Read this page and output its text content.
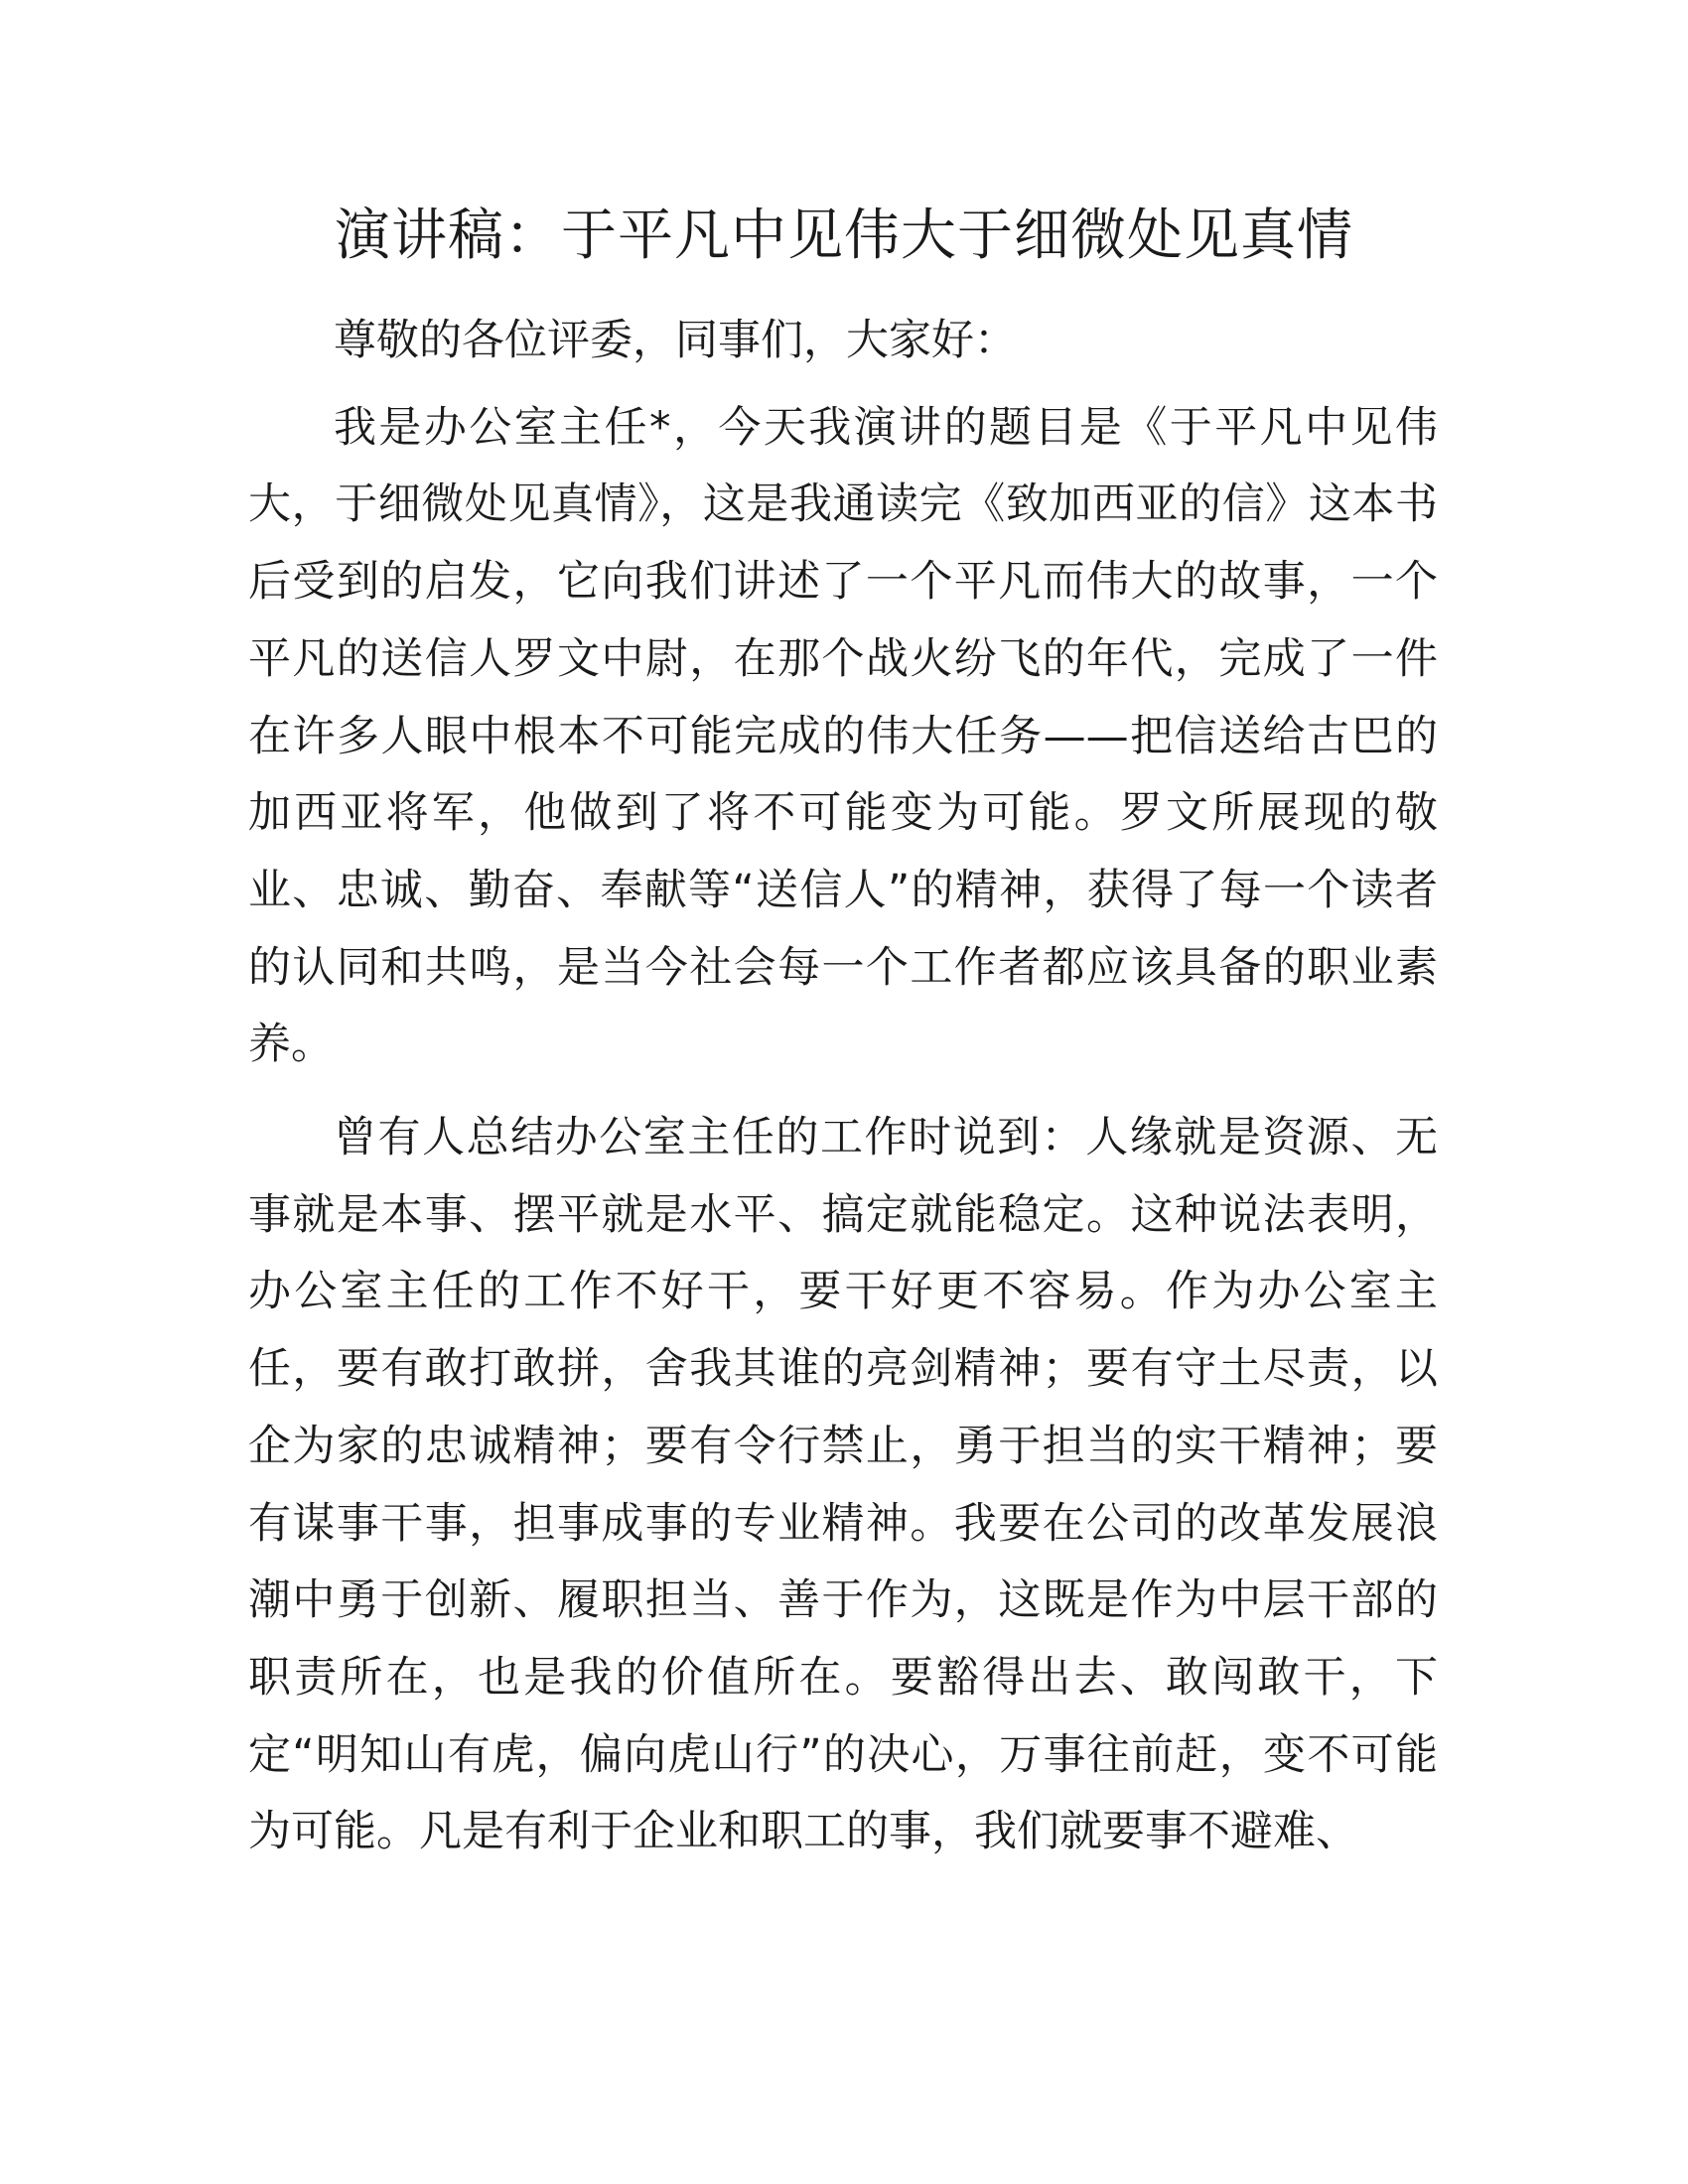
演讲稿：于平凡中见伟大于细微处见真情

尊敬的各位评委，同事们，大家好：

我是办公室主任*，今天我演讲的题目是《于平凡中见伟大，于细微处见真情》，这是我通读完《致加西亚的信》这本书后受到的启发，它向我们讲述了一个平凡而伟大的故事，一个平凡的送信人罗文中尉，在那个战火纷飞的年代，完成了一件在许多人眼中根本不可能完成的伟大任务——把信送给古巴的加西亚将军，他做到了将不可能变为可能。罗文所展现的敬业、忠诚、勤奋、奉献等“送信人”的精神，获得了每一个读者的认同和共鸣，是当今社会每一个工作者都应该具备的职业素养。

曾有人总结办公室主任的工作时说到：人缘就是资源、无事就是本事、摆平就是水平、搞定就能稳定。这种说法表明，办公室主任的工作不好干，要干好更不容易。作为办公室主任，要有敢打敢拼，舍我其谁的亮剑精神；要有守土尽责，以企为家的忠诚精神；要有令行禁止，勇于担当的实干精神；要有谋事干事，担事成事的专业精神。我要在公司的改革发展浪潮中勇于创新、履职担当、善于作为，这既是作为中层干部的职责所在，也是我的价值所在。要豁得出去、敢闯敢干，下定“明知山有虎，偏向虎山行”的决心，万事往前赶，变不可能为可能。凡是有利于企业和职工的事，我们就要事不避难、
